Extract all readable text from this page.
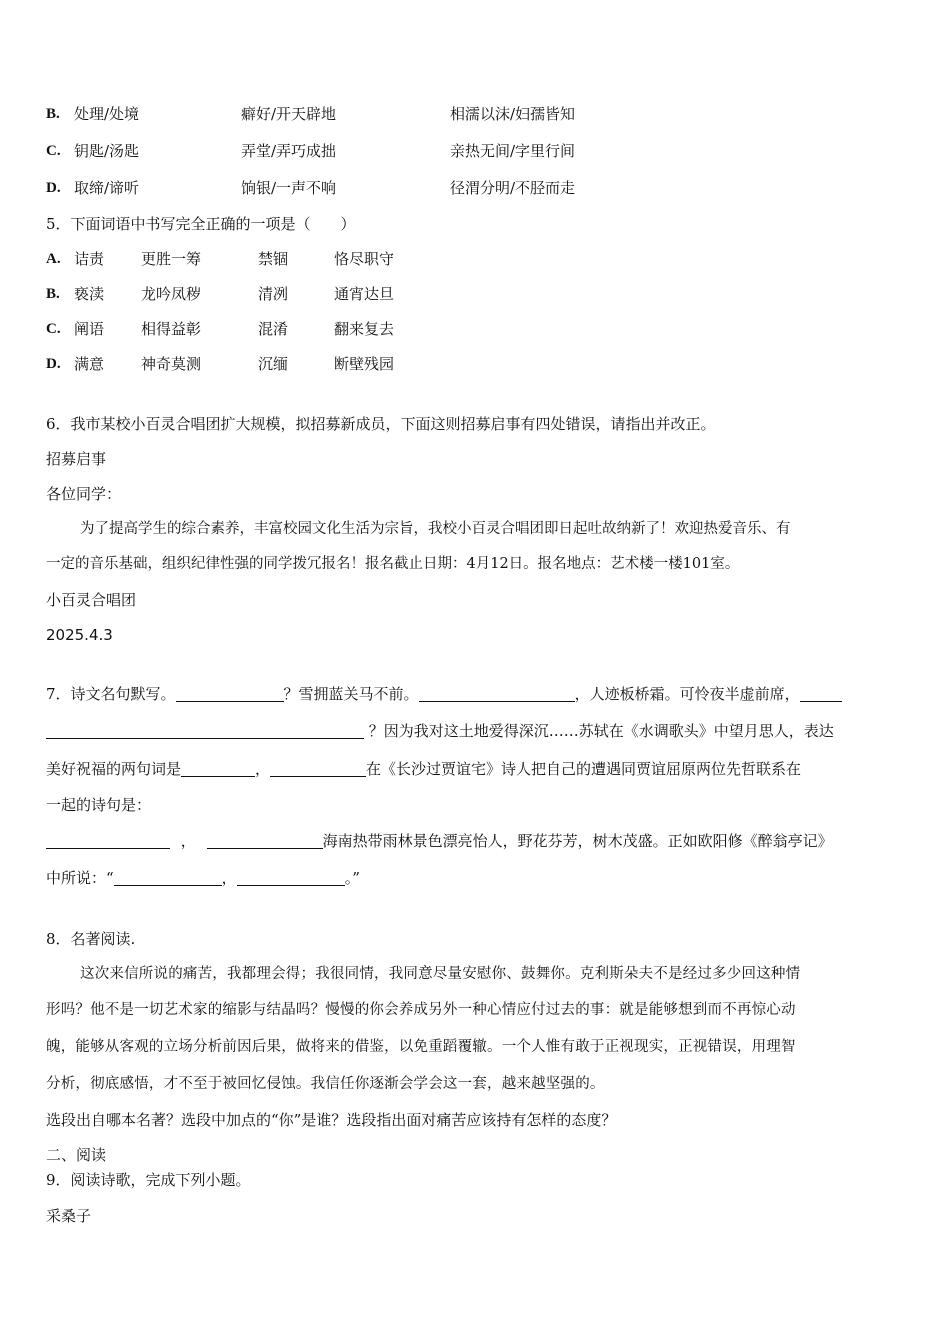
B. 处理/处境	癖好/开天辟地	相濡以沫/妇孺皆知
C. 钥匙/汤匙	弄堂/弄巧成拙	亲热无间/字里行间
D. 取缔/谛听	饷银/一声不响	径渭分明/不胫而走
5．下面词语中书写完全正确的一项是（　　）
A. 诘责 更胜一筹	禁锢	恪尽职守
B. 亵渎 龙吟凤秽	清冽	通宵达旦
C. 阐语 相得益彰	混淆	翻来复去
D. 满意 神奇莫测	沉缅	断壁残园
6．我市某校小百灵合唱团扩大规模，拟招募新成员，下面这则招募启事有四处错误，请指出并改正。
招募启事
各位同学：
为了提高学生的综合素养，丰富校园文化生活为宗旨，我校小百灵合唱团即日起吐故纳新了！欢迎热爱音乐、有
一定的音乐基础，组织纪律性强的同学拨冗报名！报名截止日期：4月12日。报名地点：艺术楼一楼101室。
小百灵合唱团
2025.4.3
7．诗文名句默写。	？雪拥蓝关马不前。	，人迹板桥霜。可怜夜半虚前席，
？因为我对这土地爱得深沉……苏轼在《水调歌头》中望月思人，表达
美好祝福的两句词是	，	在《长沙过贾谊宅》诗人把自己的遭遇同贾谊屈原两位先哲联系在
一起的诗句是：
，	海南热带雨林景色漂亮怡人，野花芬芳，树木茂盛。正如欧阳修《醉翁亭记》
中所说：“	，	。”
8．名著阅读.
这次来信所说的痛苦，我都理会得；我很同情，我同意尽量安慰你、鼓舞你。克利斯朵夫不是经过多少回这种情
形吗？他不是一切艺术家的缩影与结晶吗？慢慢的你会养成另外一种心情应付过去的事：就是能够想到而不再惊心动
魄，能够从客观的立场分析前因后果，做将来的借鉴，以免重蹈覆辙。一个人惟有敢于正视现实，正视错误，用理智
分析，彻底感悟，才不至于被回忆侵蚀。我信任你逐渐会学会这一套，越来越坚强的。
选段出自哪本名著？选段中加点的“你”是谁？选段指出面对痛苦应该持有怎样的态度？
二、阅读
9．阅读诗歌，完成下列小题。
采桑子
